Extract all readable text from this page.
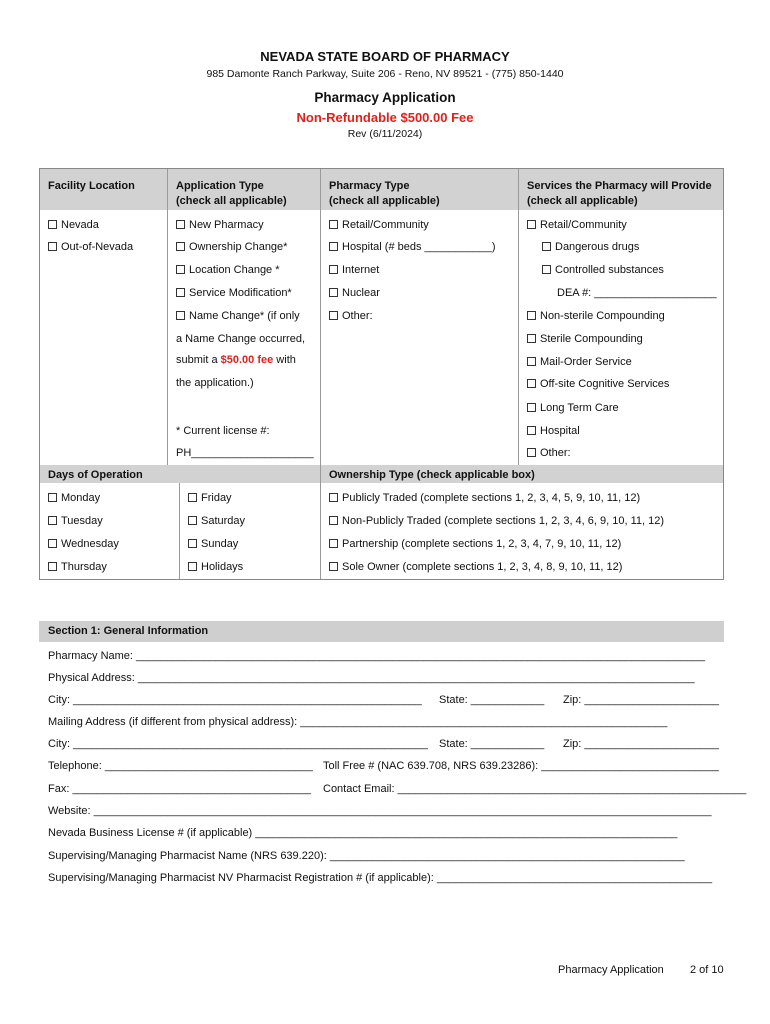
NEVADA STATE BOARD OF PHARMACY
985 Damonte Ranch Parkway, Suite 206 - Reno, NV 89521 - (775) 850-1440
Pharmacy Application
Non-Refundable $500.00 Fee
Rev (6/11/2024)
Facility Location	Application Type
(check all applicable)
Pharmacy Type
(check all applicable)
Services the Pharmacy will Provide
(check all applicable)
Nevada
Out-of-Nevada
New Pharmacy
Ownership Change*
Location Change *
Service Modification*
Name Change* (if only
a Name Change occurred,
submit a $50.00 fee with
the application.)
* Current license #:
PH____________________
Retail/Community
Hospital (# beds ___________)
Internet
Nuclear
Other:
Retail/Community
Dangerous drugs
Controlled substances
DEA #: ____________________
Non-sterile Compounding
Sterile Compounding
Mail-Order Service
Off-site Cognitive Services
Long Term Care
Hospital
Other:
Days of Operation	Ownership Type (check applicable box)
Monday
Tuesday
Wednesday
Thursday
Friday
Saturday
Sunday
Holidays
Publicly Traded (complete sections 1, 2, 3, 4, 5, 9, 10, 11, 12)
Non-Publicly Traded (complete sections 1, 2, 3, 4, 6, 9, 10, 11, 12)
Partnership (complete sections 1, 2, 3, 4, 7, 9, 10, 11, 12)
Sole Owner (complete sections 1, 2, 3, 4, 8, 9, 10, 11, 12)
Section 1: General Information
Pharmacy Name: _____________________________________________________________________________________________
Physical Address: ___________________________________________________________________________________________
City: _________________________________________________________ State: ____________ Zip: ______________________
Mailing Address (if different from physical address): ____________________________________________________________
City: __________________________________________________________ State: ____________ Zip: ______________________
Telephone: __________________________________ Toll Free # (NAC 639.708, NRS 639.23286): _____________________________
Fax: _______________________________________ Contact Email: _________________________________________________________
Website: _____________________________________________________________________________________________________
Nevada Business License # (if applicable) _____________________________________________________________________
Supervising/Managing Pharmacist Name (NRS 639.220): __________________________________________________________
Supervising/Managing Pharmacist NV Pharmacist Registration # (if applicable): _____________________________________________
Pharmacy Application 2 of 10
